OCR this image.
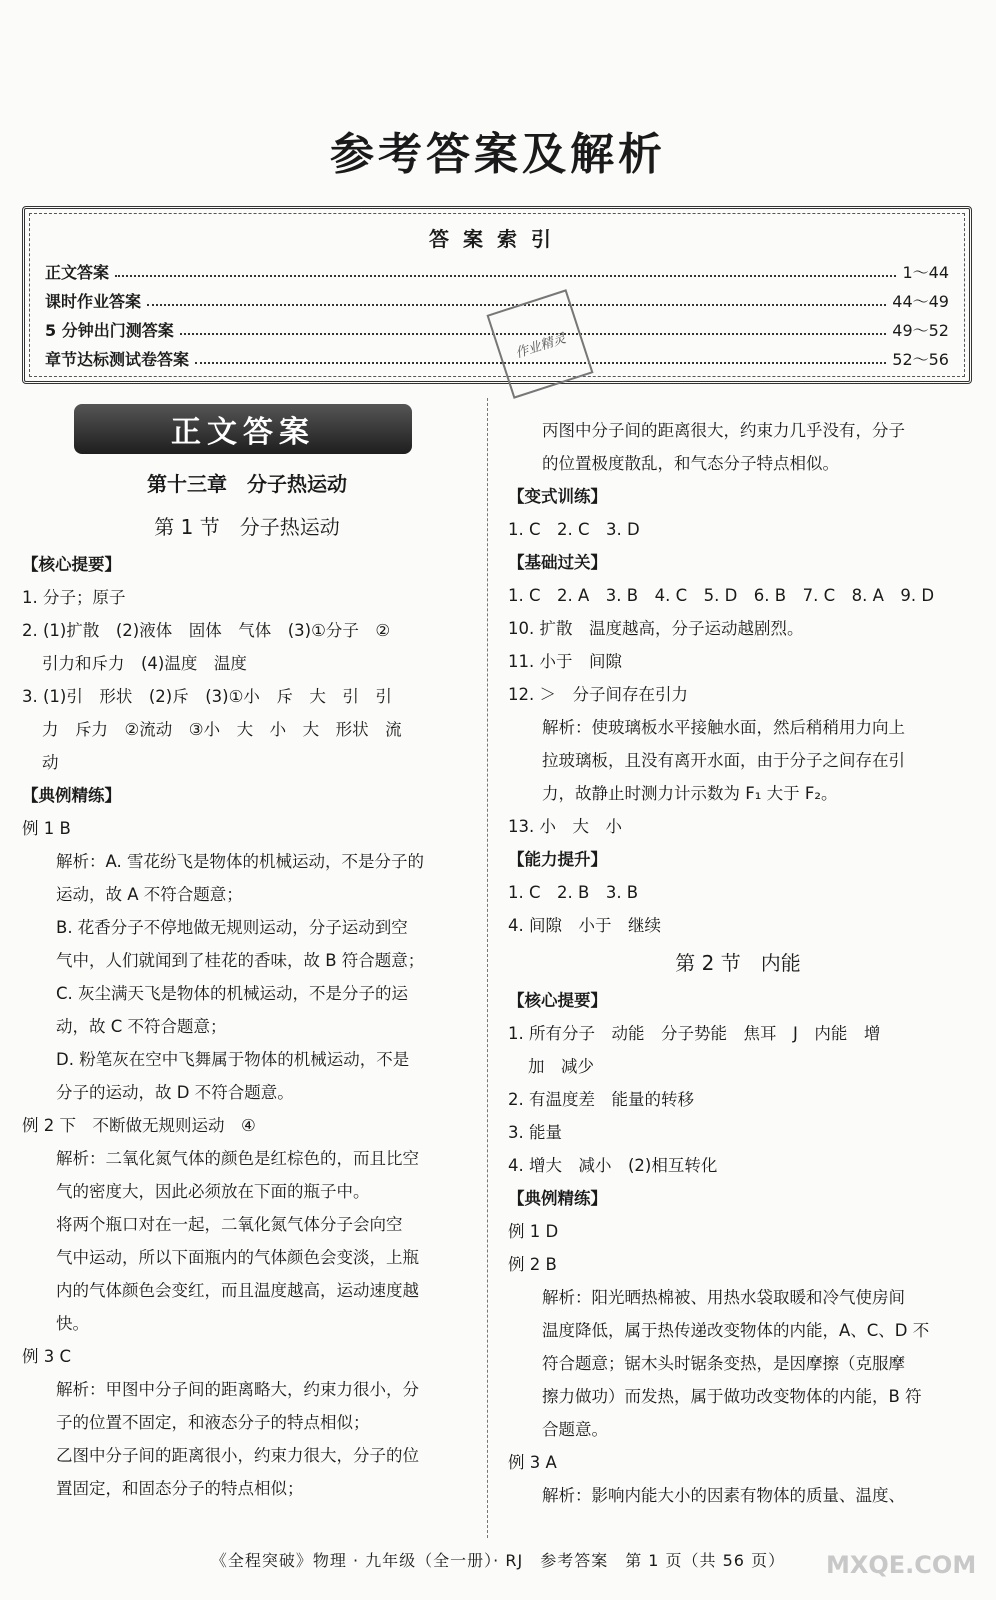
参考答案及解析
答案索引
正文答案	1～44
课时作业答案	44～49
5 分钟出门测答案	49～52
章节达标测试卷答案	52～56
作业精灵
正文答案
第十三章　分子热运动
第 1 节　分子热运动
【核心提要】
1. 分子；原子
2. (1)扩散　(2)液体　固体　气体　(3)①分子　②
引力和斥力　(4)温度　温度
3. (1)引　形状　(2)斥　(3)①小　斥　大　引　引
力　斥力　②流动　③小　大　小　大　形状　流
动
【典例精练】
例 1 B
解析：A. 雪花纷飞是物体的机械运动，不是分子的
运动，故 A 不符合题意；
B. 花香分子不停地做无规则运动，分子运动到空
气中，人们就闻到了桂花的香味，故 B 符合题意；
C. 灰尘满天飞是物体的机械运动，不是分子的运
动，故 C 不符合题意；
D. 粉笔灰在空中飞舞属于物体的机械运动，不是
分子的运动，故 D 不符合题意。
例 2 下　不断做无规则运动　④
解析：二氧化氮气体的颜色是红棕色的，而且比空
气的密度大，因此必须放在下面的瓶子中。
将两个瓶口对在一起，二氧化氮气体分子会向空
气中运动，所以下面瓶内的气体颜色会变淡，上瓶
内的气体颜色会变红，而且温度越高，运动速度越
快。
例 3 C
解析：甲图中分子间的距离略大，约束力很小，分
子的位置不固定，和液态分子的特点相似；
乙图中分子间的距离很小，约束力很大，分子的位
置固定，和固态分子的特点相似；
丙图中分子间的距离很大，约束力几乎没有，分子
的位置极度散乱，和气态分子特点相似。
【变式训练】
1. C　2. C　3. D
【基础过关】
1. C　2. A　3. B　4. C　5. D　6. B　7. C　8. A　9. D
10. 扩散　温度越高，分子运动越剧烈。
11. 小于　间隙
12. ＞　分子间存在引力
解析：使玻璃板水平接触水面，然后稍稍用力向上
拉玻璃板，且没有离开水面，由于分子之间存在引
力，故静止时测力计示数为 F₁ 大于 F₂。
13. 小　大　小
【能力提升】
1. C　2. B　3. B
4. 间隙　小于　继续
第 2 节　内能
【核心提要】
1. 所有分子　动能　分子势能　焦耳　J　内能　增
加　减少
2. 有温度差　能量的转移
3. 能量
4. 增大　减小　(2)相互转化
【典例精练】
例 1 D
例 2 B
解析：阳光晒热棉被、用热水袋取暖和冷气使房间
温度降低，属于热传递改变物体的内能，A、C、D 不
符合题意；锯木头时锯条变热，是因摩擦（克服摩
擦力做功）而发热，属于做功改变物体的内能，B 符
合题意。
例 3 A
解析：影响内能大小的因素有物体的质量、温度、
《全程突破》物理 · 九年级（全一册）· RJ　参考答案　第 1 页（共 56 页）	MXQE.COM
